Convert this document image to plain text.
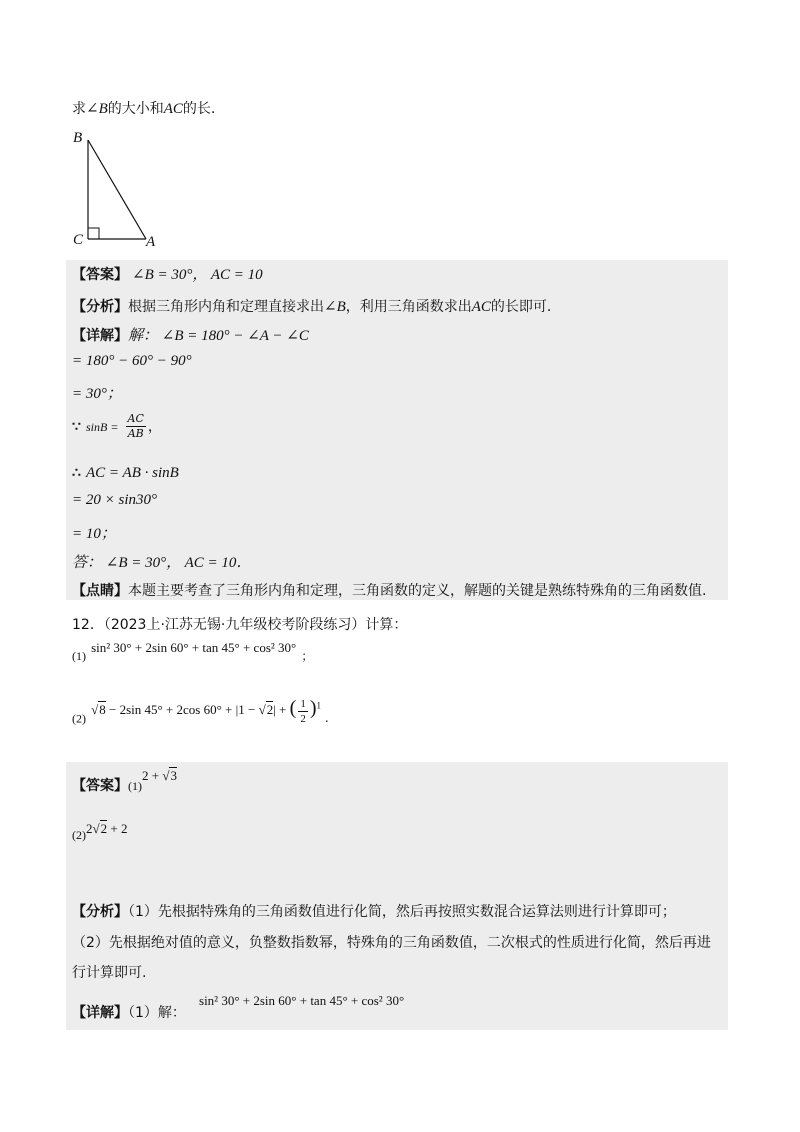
求∠B的大小和AC的长.
B
C	A
【答案】 ∠B = 30°， AC = 10
【分析】根据三角形内角和定理直接求出∠B，利用三角函数求出AC的长即可.
【详解】解： ∠B = 180° − ∠A − ∠C
= 180° − 60° − 90°
= 30°；
∵ $\sin B = \frac{AC}{AB}$ ，
∴ AC = AB · sinB
= 20 × sin30°
= 10；
答： ∠B = 30°， AC = 10．
【点睛】本题主要考查了三角形内角和定理，三角函数的定义，解题的关键是熟练特殊角的三角函数值.
12．（2023上·江苏无锡·九年级校考阶段练习）计算：
(1) $^{sin^2 30^\circ + 2sin 60^\circ + tan 45^\circ + cos^2 30^\circ}$ ；
(2) $^{√8 - 2sin 45^\circ + 2cos 60^\circ + |1 - √2| + ( \frac{1}{2} )^1}$.
【答案】$(1)^{2 + √3}$
$(2)^{2√2 + 2}$
【分析】（1）先根据特殊角的三角函数值进行化简，然后再按照实数混合运算法则进行计算即可；
（2）先根据绝对值的意义，负整数指数幂，特殊角的三角函数值，二次根式的性质进行化简，然后再进
行计算即可.
【详解】（1）解： $^{sin^2 30^\circ + 2sin 60^\circ + tan 45^\circ + cos^2 30^\circ}$
